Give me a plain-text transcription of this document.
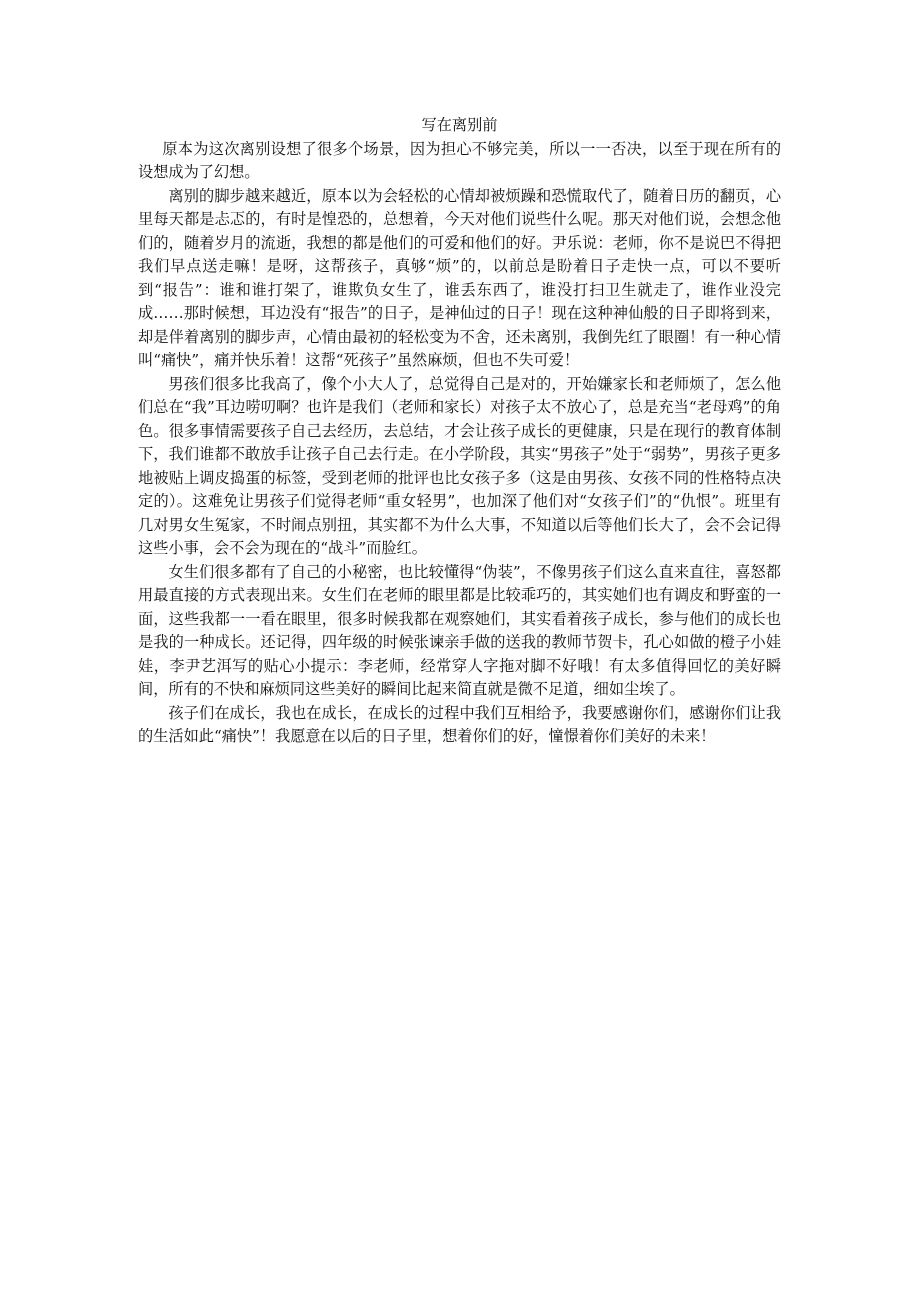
写在离别前

原本为这次离别设想了很多个场景，因为担心不够完美，所以一一否决，以至于现在所有的设想成为了幻想。

离别的脚步越来越近，原本以为会轻松的心情却被烦躁和恐慌取代了，随着日历的翻页，心里每天都是忐忑的，有时是惶恐的，总想着，今天对他们说些什么呢。那天对他们说，会想念他们的，随着岁月的流逝，我想的都是他们的可爱和他们的好。尹乐说：老师，你不是说巴不得把我们早点送走嘛！是呀，这帮孩子，真够“烦”的，以前总是盼着日子走快一点，可以不要听到“报告”：谁和谁打架了，谁欺负女生了，谁丢东西了，谁没打扫卫生就走了，谁作业没完成……那时候想，耳边没有“报告”的日子，是神仙过的日子！现在这种神仙般的日子即将到来，却是伴着离别的脚步声，心情由最初的轻松变为不舍，还未离别，我倒先红了眼圈！有一种心情叫“痛快”，痛并快乐着！这帮“死孩子”虽然麻烦，但也不失可爱！

男孩们很多比我高了，像个小大人了，总觉得自己是对的，开始嫌家长和老师烦了，怎么他们总在“我”耳边唠叨啊？也许是我们（老师和家长）对孩子太不放心了，总是充当“老母鸡”的角色。很多事情需要孩子自己去经历，去总结，才会让孩子成长的更健康，只是在现行的教育体制下，我们谁都不敢放手让孩子自己去行走。在小学阶段，其实“男孩子”处于“弱势”，男孩子更多地被贴上调皮捣蛋的标签，受到老师的批评也比女孩子多（这是由男孩、女孩不同的性格特点决定的）。这难免让男孩子们觉得老师“重女轻男”，也加深了他们对“女孩子们”的“仇恨”。班里有几对男女生冤家，不时闹点别扭，其实都不为什么大事，不知道以后等他们长大了，会不会记得这些小事，会不会为现在的“战斗”而脸红。

女生们很多都有了自己的小秘密，也比较懂得“伪装”，不像男孩子们这么直来直往，喜怒都用最直接的方式表现出来。女生们在老师的眼里都是比较乖巧的，其实她们也有调皮和野蛮的一面，这些我都一一看在眼里，很多时候我都在观察她们，其实看着孩子成长，参与他们的成长也是我的一种成长。还记得，四年级的时候张谏亲手做的送我的教师节贺卡，孔心如做的橙子小娃娃，李尹艺洱写的贴心小提示：李老师，经常穿人字拖对脚不好哦！有太多值得回忆的美好瞬间，所有的不快和麻烦同这些美好的瞬间比起来简直就是微不足道，细如尘埃了。

孩子们在成长，我也在成长，在成长的过程中我们互相给予，我要感谢你们，感谢你们让我的生活如此“痛快”！我愿意在以后的日子里，想着你们的好，憧憬着你们美好的未来！
